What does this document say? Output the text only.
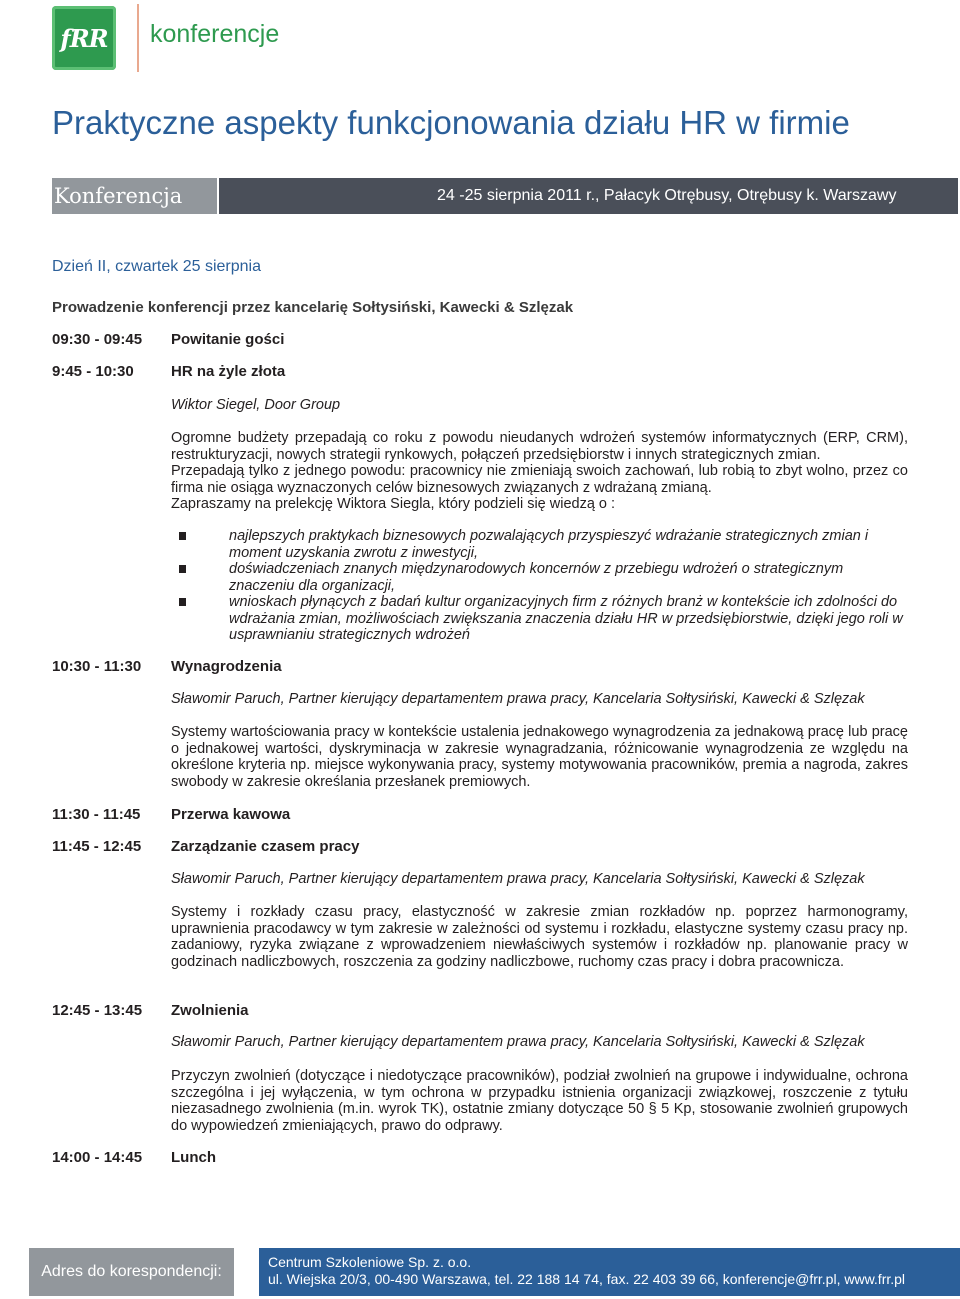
fRR konferencje
Praktyczne aspekty funkcjonowania działu HR w firmie
Konferencja	24 -25 sierpnia 2011 r., Pałacyk Otrębusy, Otrębusy k. Warszawy
Dzień II, czwartek 25 sierpnia
Prowadzenie konferencji przez kancelarię Sołtysiński, Kawecki & Szlęzak
09:30 - 09:45 Powitanie gości
9:45 - 10:30 HR na żyle złota
Wiktor Siegel, Door Group

Ogromne budżety przepadają co roku z powodu nieudanych wdrożeń systemów informatycznych (ERP, CRM), restrukturyzacji, nowych strategii rynkowych, połączeń przedsiębiorstw i innych strategicznych zmian.

Przepadają tylko z jednego powodu: pracownicy nie zmieniają swoich zachowań, lub robią to zbyt wolno, przez co firma nie osiąga wyznaczonych celów biznesowych związanych z wdrażaną zmianą.

Zapraszamy na prelekcję Wiktora Siegla, który podzieli się wiedzą o :

najlepszych praktykach biznesowych pozwalających przyspieszyć wdrażanie strategicznych zmian i moment uzyskania zwrotu z inwestycji,
doświadczeniach znanych międzynarodowych koncernów z przebiegu wdrożeń o strategicznym znaczeniu dla organizacji,
wnioskach płynących z badań kultur organizacyjnych firm z różnych branż w kontekście ich zdolności do wdrażania zmian, możliwościach zwiększania znaczenia działu HR w przedsiębiorstwie, dzięki jego roli w usprawnianiu strategicznych wdrożeń
10:30 - 11:30 Wynagrodzenia
Sławomir Paruch, Partner kierujący departamentem prawa pracy, Kancelaria Sołtysiński, Kawecki & Szlęzak
Systemy wartościowania pracy w kontekście ustalenia jednakowego wynagrodzenia za jednakową pracę lub pracę o jednakowej wartości, dyskryminacja w zakresie wynagradzania, różnicowanie wynagrodzenia ze względu na określone kryteria np. miejsce wykonywania pracy, systemy motywowania pracowników, premia a nagroda, zakres swobody w zakresie określania przesłanek premiowych.
11:30 - 11:45 Przerwa kawowa
11:45 - 12:45 Zarządzanie czasem pracy
Sławomir Paruch, Partner kierujący departamentem prawa pracy, Kancelaria Sołtysiński, Kawecki & Szlęzak
Systemy i rozkłady czasu pracy, elastyczność w zakresie zmian rozkładów np. poprzez harmonogramy, uprawnienia pracodawcy w tym zakresie w zależności od systemu i rozkładu, elastyczne systemy czasu pracy np. zadaniowy, ryzyka związane z wprowadzeniem niewłaściwych systemów i rozkładów np. planowanie pracy w godzinach nadliczbowych, roszczenia za godziny nadliczbowe, ruchomy czas pracy i dobra pracownicza.
12:45 - 13:45 Zwolnienia
Sławomir Paruch, Partner kierujący departamentem prawa pracy, Kancelaria Sołtysiński, Kawecki & Szlęzak
Przyczyn zwolnień (dotyczące i niedotyczące pracowników), podział zwolnień na grupowe i indywidualne, ochrona szczególna i jej wyłączenia, w tym ochrona w przypadku istnienia organizacji związkowej, roszczenie z tytułu niezasadnego zwolnienia (m.in. wyrok TK), ostatnie zmiany dotyczące 50 § 5 Kp, stosowanie zwolnień grupowych do wypowiedzeń zmieniających, prawo do odprawy.
14:00 - 14:45 Lunch
Adres do korespondencji:
Centrum Szkoleniowe Sp. z. o.o.
ul. Wiejska 20/3, 00-490 Warszawa, tel. 22 188 14 74, fax. 22 403 39 66, konferencje@frr.pl, www.frr.pl
